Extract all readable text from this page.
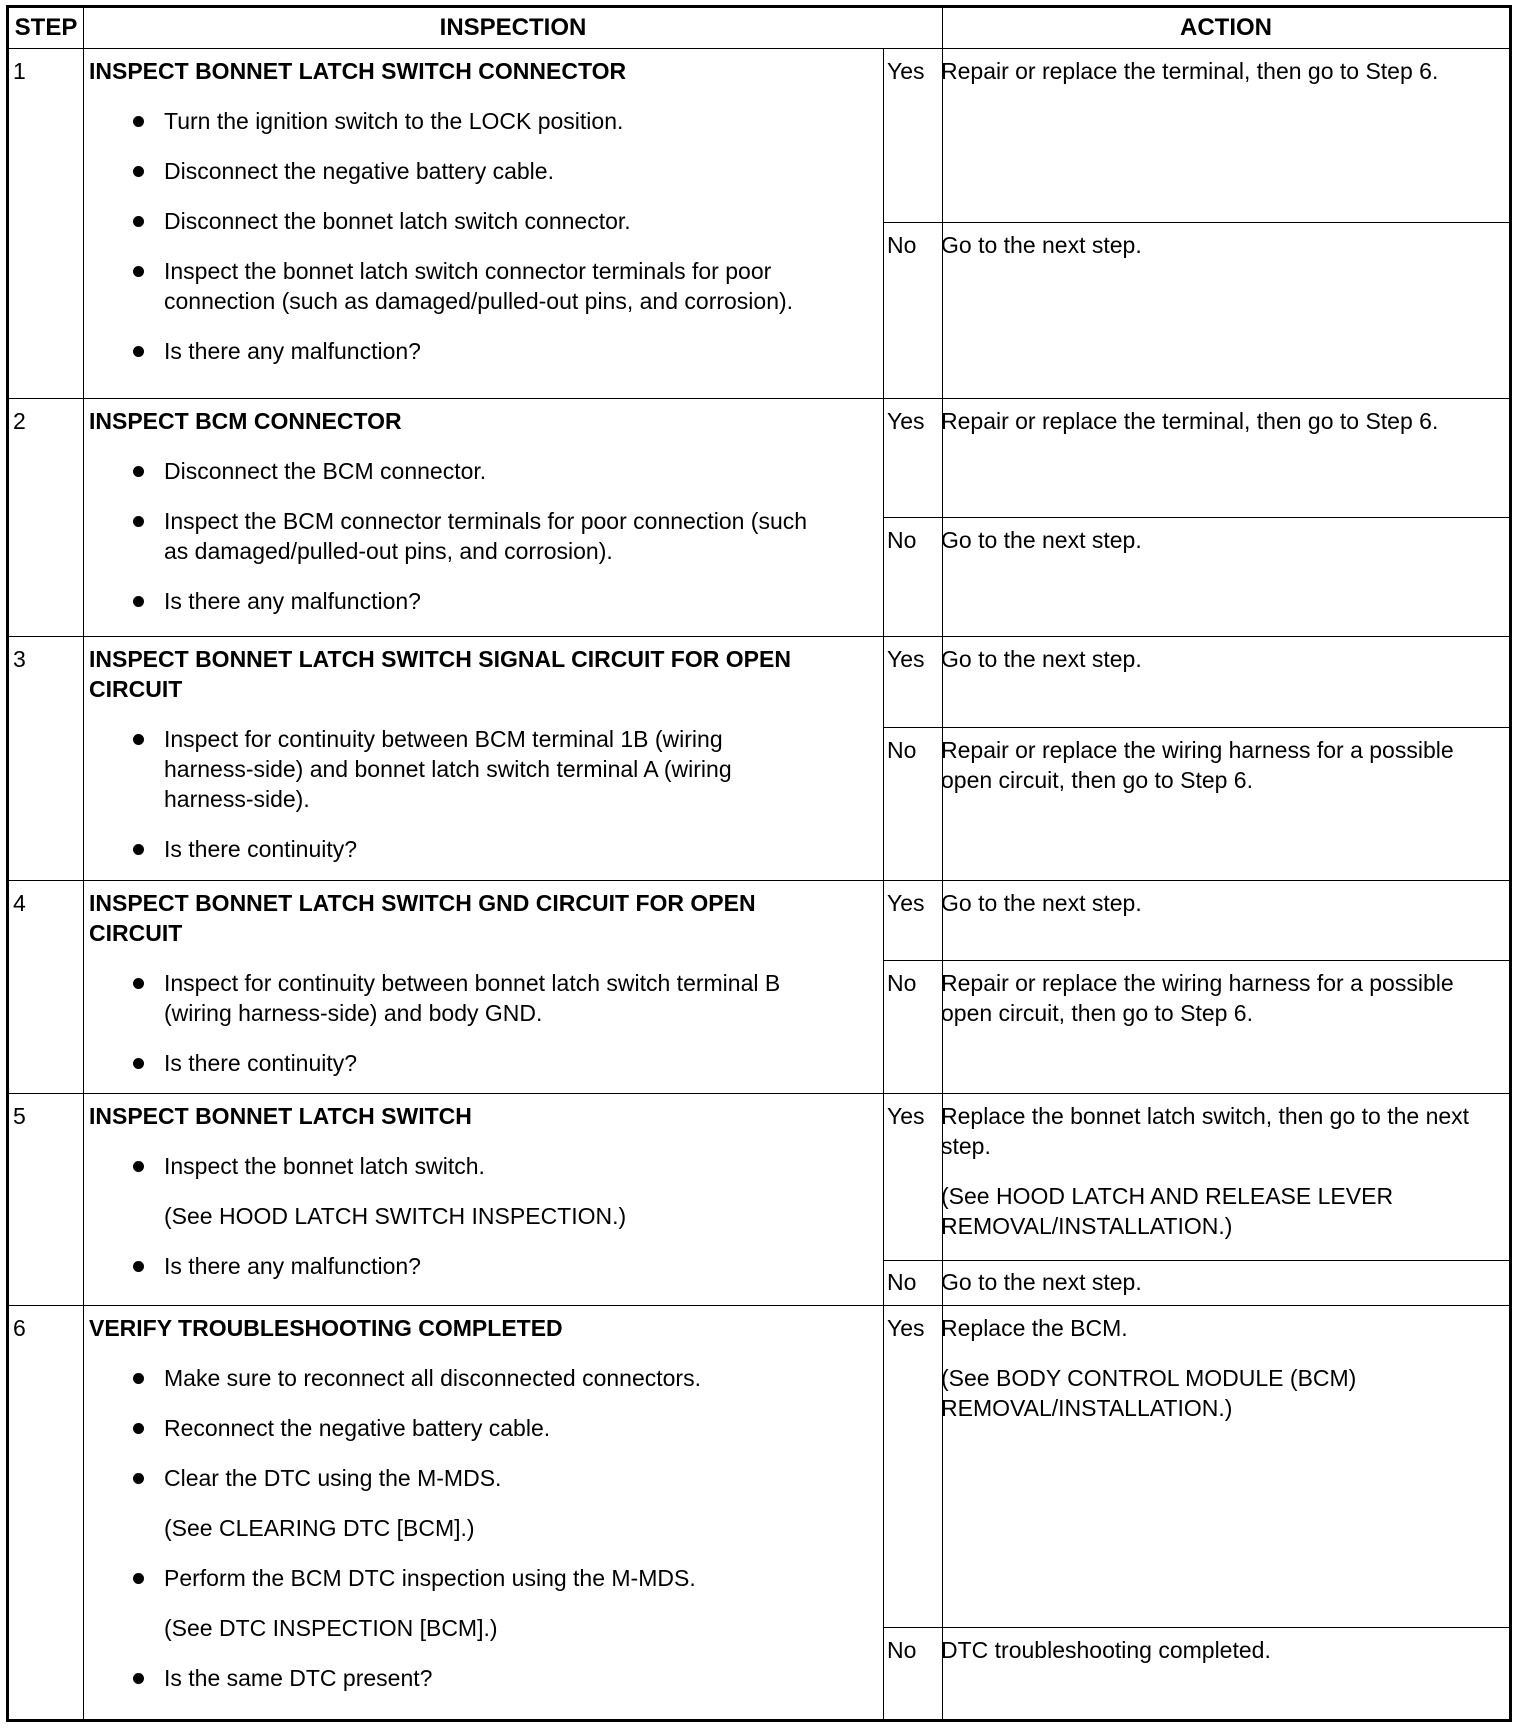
STEP	INSPECTION	ACTION
1	INSPECT BONNET LATCH SWITCH CONNECTOR
Turn the ignition switch to the LOCK position.
Disconnect the negative battery cable.
Disconnect the bonnet latch switch connector.
Inspect the bonnet latch switch connector terminals for poor connection (such as damaged/pulled-out pins, and corrosion).
Is there any malfunction?
Yes Repair or replace the terminal, then go to Step 6.
No Go to the next step.
2	INSPECT BCM CONNECTOR
Disconnect the BCM connector.
Inspect the BCM connector terminals for poor connection (such as damaged/pulled-out pins, and corrosion).
Is there any malfunction?
Yes Repair or replace the terminal, then go to Step 6.
No Go to the next step.
3	INSPECT BONNET LATCH SWITCH SIGNAL CIRCUIT FOR OPEN CIRCUIT
Inspect for continuity between BCM terminal 1B (wiring harness-side) and bonnet latch switch terminal A (wiring harness-side).
Is there continuity?
Yes Go to the next step.
No Repair or replace the wiring harness for a possible open circuit, then go to Step 6.
4	INSPECT BONNET LATCH SWITCH GND CIRCUIT FOR OPEN CIRCUIT
Inspect for continuity between bonnet latch switch terminal B (wiring harness-side) and body GND.
Is there continuity?
Yes Go to the next step.
No Repair or replace the wiring harness for a possible open circuit, then go to Step 6.
5	INSPECT BONNET LATCH SWITCH
Inspect the bonnet latch switch.
(See HOOD LATCH SWITCH INSPECTION.)
Is there any malfunction?
Yes Replace the bonnet latch switch, then go to the next step.
(See HOOD LATCH AND RELEASE LEVER REMOVAL/INSTALLATION.)
No Go to the next step.
6	VERIFY TROUBLESHOOTING COMPLETED
Make sure to reconnect all disconnected connectors.
Reconnect the negative battery cable.
Clear the DTC using the M-MDS.
(See CLEARING DTC [BCM].)
Perform the BCM DTC inspection using the M-MDS.
(See DTC INSPECTION [BCM].)
Is the same DTC present?
Yes Replace the BCM.
(See BODY CONTROL MODULE (BCM) REMOVAL/INSTALLATION.)
No DTC troubleshooting completed.
